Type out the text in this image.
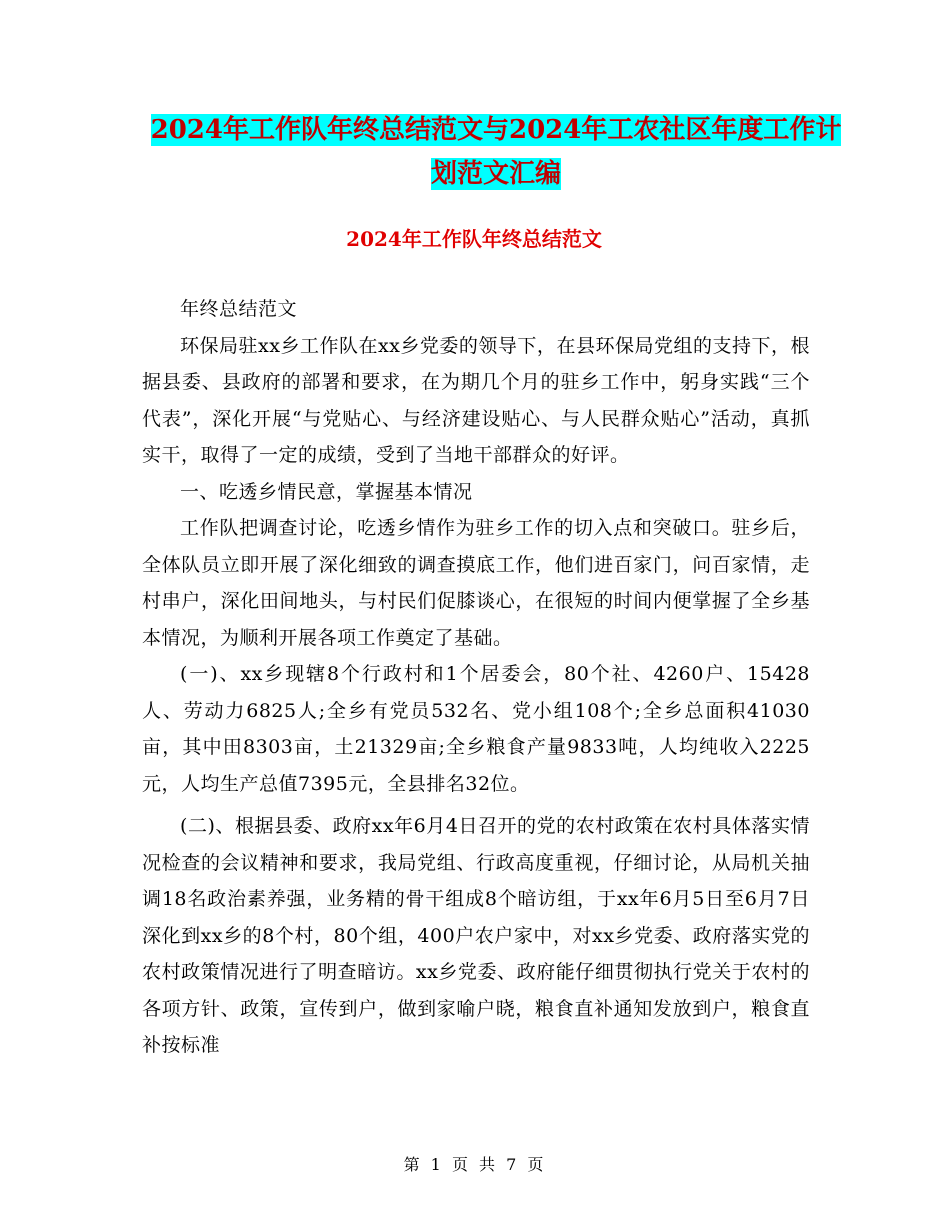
2024年工作队年终总结范文与2024年工农社区年度工作计划范文汇编
2024年工作队年终总结范文

年终总结范文

环保局驻xx乡工作队在xx乡党委的领导下，在县环保局党组的支持下，根据县委、县政府的部署和要求，在为期几个月的驻乡工作中，躬身实践“三个代表”，深化开展“与党贴心、与经济建设贴心、与人民群众贴心”活动，真抓实干，取得了一定的成绩，受到了当地干部群众的好评。

一、吃透乡情民意，掌握基本情况

工作队把调查讨论，吃透乡情作为驻乡工作的切入点和突破口。驻乡后，全体队员立即开展了深化细致的调查摸底工作，他们进百家门，问百家情，走村串户，深化田间地头，与村民们促膝谈心，在很短的时间内便掌握了全乡基本情况，为顺利开展各项工作奠定了基础。

(一)、xx乡现辖8个行政村和1个居委会，80个社、4260户、15428人、劳动力6825人;全乡有党员532名、党小组108个;全乡总面积41030亩，其中田8303亩，土21329亩;全乡粮食产量9833吨，人均纯收入2225元，人均生产总值7395元，全县排名32位。

(二)、根据县委、政府xx年6月4日召开的党的农村政策在农村具体落实情况检查的会议精神和要求，我局党组、行政高度重视，仔细讨论，从局机关抽调18名政治素养强，业务精的骨干组成8个暗访组，于xx年6月5日至6月7日深化到xx乡的8个村，80个组，400户农户家中，对xx乡党委、政府落实党的农村政策情况进行了明查暗访。xx乡党委、政府能仔细贯彻执行党关于农村的各项方针、政策，宣传到户，做到家喻户晓，粮食直补通知发放到户，粮食直补按标准

第 1 页 共 7 页
